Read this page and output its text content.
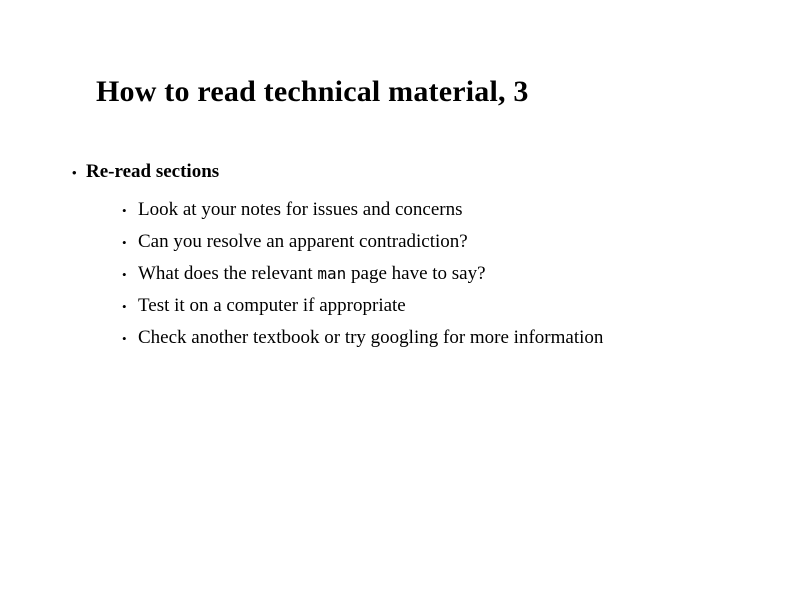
How to read technical material, 3
• Re-read sections
• Look at your notes for issues and concerns
• Can you resolve an apparent contradiction?
• What does the relevant man page have to say?
• Test it on a computer if appropriate
• Check another textbook or try googling for more information
